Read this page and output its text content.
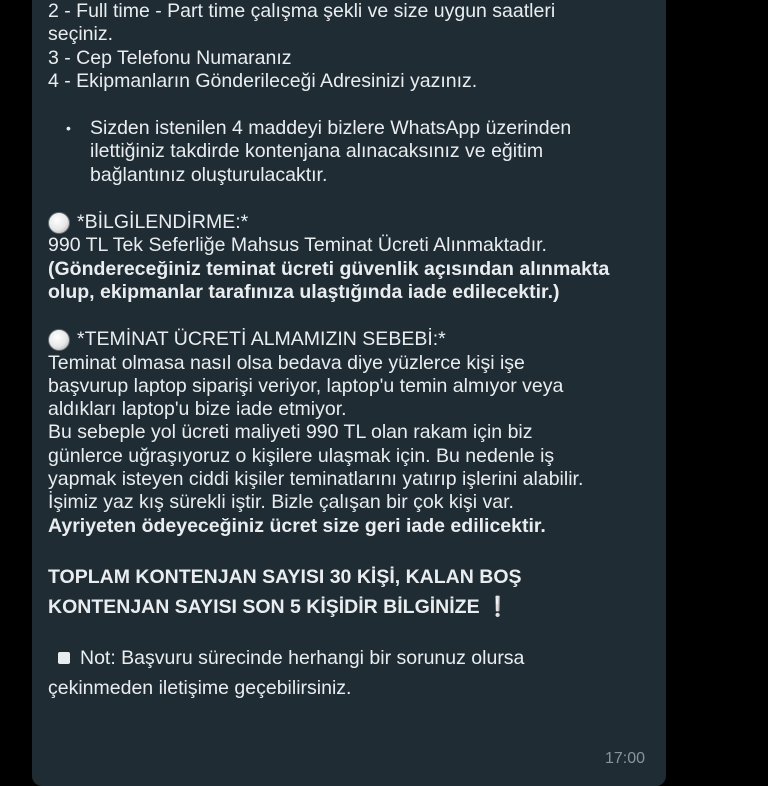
2 - Full time - Part time çalışma şekli ve size uygun saatleri
seçiniz.
3 - Cep Telefonu Numaranız
4 - Ekipmanların Gönderileceği Adresinizi yazınız.
• Sizden istenilen 4 maddeyi bizlere WhatsApp üzerinden
ilettiğiniz takdirde kontenjana alınacaksınız ve eğitim
bağlantınız oluşturulacaktır.
*BİLGİLENDİRME:*
990 TL Tek Seferliğe Mahsus Teminat Ücreti Alınmaktadır.
(Göndereceğiniz teminat ücreti güvenlik açısından alınmakta
olup, ekipmanlar tarafınıza ulaştığında iade edilecektir.)
*TEMİNAT ÜCRETİ ALMAMIZIN SEBEBİ:*
Teminat olmasa nasıl olsa bedava diye yüzlerce kişi işe
başvurup laptop siparişi veriyor, laptop'u temin almıyor veya
aldıkları laptop'u bize iade etmiyor.
Bu sebeple yol ücreti maliyeti 990 TL olan rakam için biz
günlerce uğraşıyoruz o kişilere ulaşmak için. Bu nedenle iş
yapmak isteyen ciddi kişiler teminatlarını yatırıp işlerini alabilir.
İşimiz yaz kış sürekli iştir. Bizle çalışan bir çok kişi var.
Ayriyeten ödeyeceğiniz ücret size geri iade edilicektir.
TOPLAM KONTENJAN SAYISI 30 KİŞİ, KALAN BOŞ
KONTENJAN SAYISI SON 5 KİŞİDİR BİLGİNİZE ❕
Not: Başvuru sürecinde herhangi bir sorunuz olursa
çekinmeden iletişime geçebilirsiniz.
17:00
